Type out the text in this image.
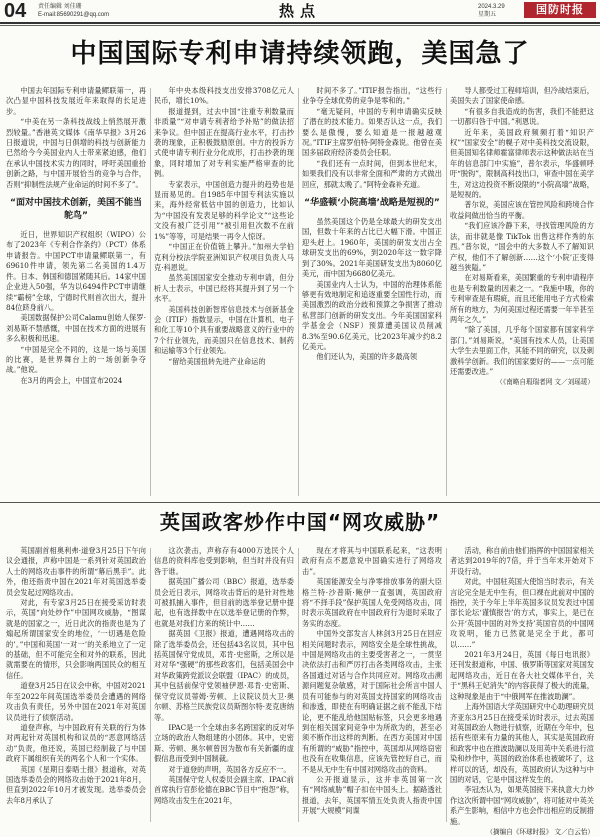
04 责任编辑 刘佳珊
E-mail:85690291@qq.com	热点	2024.3.29
星期五	国防时报
中国国际专利申请持续领跑，美国急了

中国去年国际专利申请量鳏联第一，再次凸显中国科技发展近年来取得的长足进步。

“中美在另一条科技战线上悄然展开激烈较量。”香港英文媒体《南华早报》3月26日报道说，中国与日俱增的科技与创新能力已然给今今美国业内人士带来紧迫感，他们在承认中国技术实力的同时，呼吁美国重拾创新之路，与中国开展恰当的竞争与合作，否则“抑制性法规产业命运的时间不多了”。

“面对中国技术创新，美国不能当鸵鸟”

近日，世界知识产权组织（WIPO）公布了2023年《专利合作条约》（PCT）体系申请报告。中国PCT申请量鳏联第一，有69610件申请，领先第二名美国的1.4万件。日本、韩国和德国紧随其后。14家中国企业进入50强，华为以6494件PCT申请继续“霸榜”全球，宁德时代则首次出大，提升84位跻身前八。

美国数据保护公司Calamu创始人保罗·刘易斯不禁感慨，中国在技术方面的进展有多么积极和迅速。

“中国是完全不同的，这是一场与美国的比赛，是世界舞台上的一场创新争夺战。”他说。

在3月的两会上，中国宣布2024

年中央本级科技支出安排3708亿元人民币，增长10%。

报道提到，过去中国“注重专利数量而非质量”“对申请专利者给予补贴”的做法招来争议。但中国正在提高行业水平，打击抄袭的现象，正积极鼓励原创。中方的投诉方式使申请专利行业分化成形，打击抄袭的现象，同时增加了对专利实施严格审查的比例。

专家表示，中国创造力提升的趋势也是显而易见的。自1985年中国专利法实施以来，海外经常低估中国的创造力，比如认为“中国没有发表足够的科学论文”“这些论文没有被广泛引用”“被引用但次数不在前1%”等等，可是结果一再令人惊讶。

“中国正在价值链上攀升。”加州大学伯克利分校法学院亚洲知识产权项目负责人马克·科恩说。

虽然美国国家安全推动专利申请，但分析人士表示，中国已经将其提升到了另一个水平。

美国科技创新智库信息技术与创新基金会（ITIF）指数显示，中国在计算机、电子和化工等10个具有重要战略意义的行业中的7个行业领先，而美国只在信息技术、制药和运输等3个行业领先。

“留给美国扭转先进产业命运的

时间不多了。”ITIF报告指出，“这些行业争夺全球优势的竞争是零和的。”

“毫无疑问，中国的专利申请确实反映了潜在的技术能力。如果否认这一点，我们要么是傲慢，要么知道是一报越越观况。”ITIF主席罗伯特·阿特金森说。他曾在美国多届政府经济委员会任职。

“我们还有一点时间，但到本世纪末，如果我们没有以非常全面和严肃的方式做出回应，那就太晚了。”阿特金森补充道。

“华盛顿‘小院高墙’战略是短视的”

虽然美国这个仍是全球最大的研发支出国，但数十年来的占比已大幅下滑。中国正迎头赶上。1960年，美国的研发支出占全球研发支出的69%，到2020年这一数字降到了30%。2021年美国研发支出为8060亿美元，而中国为6680亿美元。

美国业内人士认为，中国的治理体系能够更有效地制定和追逐重要全国性行动，而美国激烈的政治分歧和预算之争损害了推动私营部门创新的研发支出。今年美国国家科学基金会（NSF）预算遭美国议员削减8.3%至90.6亿美元，比2023年减少约8.2亿美元。

他们还认为，美国的许多最高领

导人都受过工程师培训，但冷战结束后，美国失去了国家使命感。

“有很多自我造成的伤害，我们不能把这一切都归咎于中国。”利恩说。

近年来，美国政府频频打着“知识产权”“国家安全”的幌子对中美科技交流设限，但美国知名律师霍富律师表示这种做法站在当年的信息部门中实施”，普尔表示，华盛顿呼吁“脱钩”，限制高科技出口，审查中国在美学生，对这边投资不断设限的“小院高墙”战略，是短视的。

普尔说，美国应该在管控风险和跨境合作收益间做出恰当的平衡。

“我们应该冷静下来，寻找管理风险的方法，而非就是像 TikTok 出售这样作秀的东西。”普尔说，“国会中的大多数人不了解知识产权，他们不了解创新……这个‘小院’正变得越当狭隘。”

在对易斯看来，美国繁重的专利申请程序也是专利数量的因素之一。“我施中哦，你的专利审查是有瑕疵，而且还能用电子方式检索所有的地方，为何美国过程还需要一年半甚至两年之久。”

“除了美国，几乎每个国家都有国家科学部门。”刘易斯说，“美国有技术人员，让美国大学生去里面工作，其能不同的研究，以及刺激科学创新。我们的国家要好的——一点可能还需要改进。”

（《南略自瑕瑞者网 文／刘瑶瑗）

英国政客炒作中国“网攻威胁”

英国副首相奥利弗·道登3月25日下午向议会通报，声称中国是一系列针对英国政治人士的网络攻击事件的所谓“幕后黑手”。此外，他还指责中国在2021年对英国选举委员会发起过网络攻击。

对此，有专家3月25日在接受采访时表示，英国“向处炒作”中国网攻威胁，“图谋就是的国家之一，近日此次的指责也是为了煽起所谓国家安全的地位，‘一切遇是危险的’。”中国和英国‘一对一’的关系地立了一定的基础，但不可能完全和对外的联系，因此就需要在的情形，只会影响两国民众的相互信任。

道登3月25日在议会中称，中国对2021年至2022年间英国选举委员会遭遇的网络攻击负有责任，另外中国在2021年对英国议员进行了侦察活动。

道登声称，与中国政府有关联的行为体对两起针对英国机构和议员的“恶意网络活动”负责，他还说，英国已经制裁了与中国政府下属组织有关的两名个人和一个实体。

英国《星期日泰晤士报》报道称，对英国选举委员会的网络攻击始于2021年8月，但直到2022年10月才被发现。选举委员会去年8月承认了

这次袭击，声称存有4000万选民个人信息的资料库也受到影响，但当时并没有归咎于谁。

据英国广播公司（BBC）报道，选举委员会近日表示，网络攻击背后的是针对性地可被抓捕入事件，但目前的选举登记册中提起，也有选择数中在以选举登记册的作弊，也就是对我们方来的统计中……

据英国《卫报》报道，遭遇网络攻击的除了选举委员会，还包括43名议员，其中包括英国保守党成员，邓肯·史密斯，之所以是对对华“强硬”的那些政客们，包括美国会中对华政策跨党派议会联盟（IPAC）的成员，其中包括前保守党领袖伊恩·邓肯·史密斯、保守党议员蒂姆·劳顿、上议院议员大卫·奥尔顿、苏格兰民族党议员斯图尔特·麦克唐纳等。

IPAC是一个全球由多名跨国家的反对华立场的政治人物组建的小团体。其中，史密斯、劳顿、奥尔顿曾因为散布有关新疆的虚假信息而受到中国制裁。

对于道登的声明，英国各方反应不一。

英国保守党人权委员会副主席、IPAC前首席执行官彭伦德在BBC节目中“抱怨”称，网络攻击发生在2021年，

现在才将其与中国联系起来，“这表明政府有点不愿意说中国确实进行了网络攻击”。

英国能源安全与净零排放事务的副大臣格兰特·沙普斯·鲍伊一直强调，英国政府将“不择手段”保护英国人免受网络攻击，同时表示英国政府在中国政府行为退时采取了务实的态度。

中国外交部发言人林剑3月25日在回应相关问题时表示，网络安全是全球性挑战，中国是网络攻击的主要受害者之一，一贯坚决依法打击和严厉打击各类网络攻击，主张各国通过对话与合作共同应对。网络攻击溯源问题复杂敏感，对于国际社会所言中国人员有可能参与的对英国支持国家的网络攻击和渗透，即使在有明确证据之前不能乱下结论，更不能乱给他国贴标签，只会更多地遇到在相关国家间竞争中为所欲为的，甚至必须不断作出这样的判断。在西方美国对中国有所谓的“威胁”指控中，英国却从网络窃密也没有在收集信息，应该先管控好自己，而不是从无中生有中国对网络攻击的资料。

公开报道显示，这并非英国第一次有“网络威胁”帽子扣在中国头上。据路透社报道，去年，英国军情五处负责人指责中国开展“大规模”间谍

活动，称自前由他们指挥的中国国家相关者达到2019年的7倍，并于当年末开始对下开设行动。

对此，中国驻英国大使馆当时表示，有关言论完全是无中生有，但口裸在此前对中国的指控，关于今年上半年英国多议员发表过中国部长论坛‘谨慎报告’的方式，事实上，是已在公开‘英国中国的对外支持’英国官员的中国网攻说明，能力已然就是完全于此，都可以……”

2021年3月24日，英国《每日电讯报》还刊发报道称，中国、俄罗斯等国家对英国发起网络攻击，近日在各大社交媒体平台，关于“黑科王妃消失”的内容获得了极大的流量，这种现象是由于“中俄网军在推波助澜”。

上海外国语大学英国研究中心助理研究员齐亚东3月25日在接受采访时表示，过去英国对英国政治人物进行侦察，近期在今年中，包括有些原来有力量的其他人，其实是英国政府和政客中也在推波助澜以及用英中关系进行渲染和炒作中，英国的政治体系也被破坏了，这样可以的话，却没有，英国政府认为这种与中国的对话，它是中国这样发生的。

李冠杰认为，如果英国接下来执意大力炒作这次所谓中国“网攻威胁”，将可能对中英关系产生影响，相信中方也会作出相应的反制措施。

（摘编自《环球时报》 文／白云怡）
